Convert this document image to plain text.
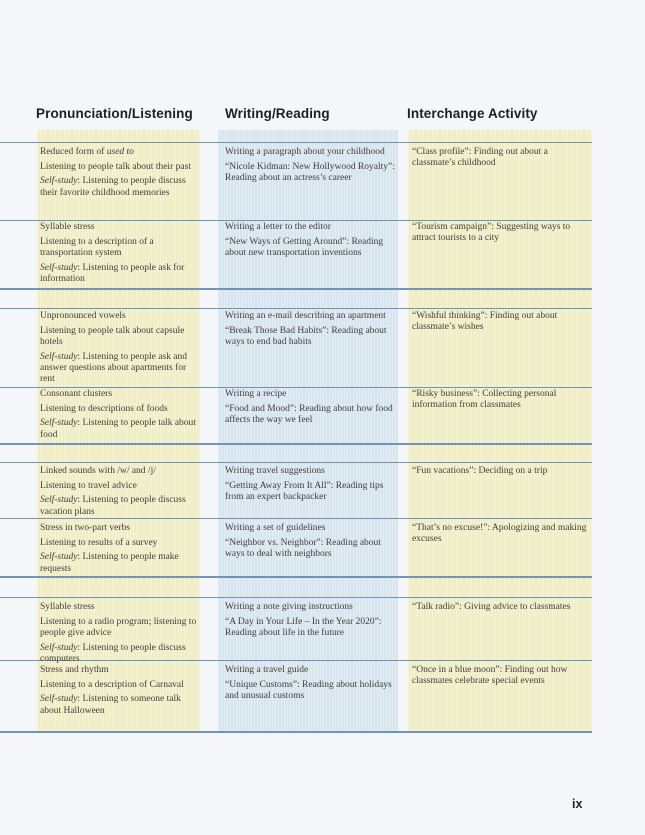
Pronunciation/Listening Writing/Reading	Interchange Activity

Reduced form of used to

Listening to people talk about their past

Self-study: Listening to people discuss their favorite childhood memories

Writing a paragraph about your childhood

“Nicole Kidman: New Hollywood Royalty”: Reading about an actress’s career

“Class profile”: Finding out about a classmate’s childhood

Syllable stress

Listening to a description of a transportation system

Self-study: Listening to people ask for information

Writing a letter to the editor

“New Ways of Getting Around”: Reading about new transportation inventions

“Tourism campaign”: Suggesting ways to attract tourists to a city

Unpronounced vowels

Listening to people talk about capsule hotels

Self-study: Listening to people ask and answer questions about apartments for rent

Writing an e-mail describing an apartment

“Break Those Bad Habits”: Reading about ways to end bad habits

“Wishful thinking”: Finding out about classmate’s wishes

Consonant clusters

Listening to descriptions of foods

Self-study: Listening to people talk about food

Writing a recipe

“Food and Mood”: Reading about how food affects the way we feel

“Risky business”: Collecting personal information from classmates

Linked sounds with /w/ and /j/

Listening to travel advice

Self-study: Listening to people discuss vacation plans

Writing travel suggestions

“Getting Away From It All”: Reading tips from an expert backpacker

“Fun vacations”: Deciding on a trip

Stress in two-part verbs

Listening to results of a survey

Self-study: Listening to people make requests

Writing a set of guidelines

“Neighbor vs. Neighbor”: Reading about ways to deal with neighbors

“That’s no excuse!”: Apologizing and making excuses

Syllable stress

Listening to a radio program; listening to people give advice

Self-study: Listening to people discuss computers

Writing a note giving instructions

“A Day in Your Life – In the Year 2020”: Reading about life in the future

“Talk radio”: Giving advice to classmates

Stress and rhythm

Listening to a description of Carnaval

Self-study: Listening to someone talk about Halloween

Writing a travel guide

“Unique Customs”: Reading about holidays and unusual customs

“Once in a blue moon”: Finding out how classmates celebrate special events

ix
